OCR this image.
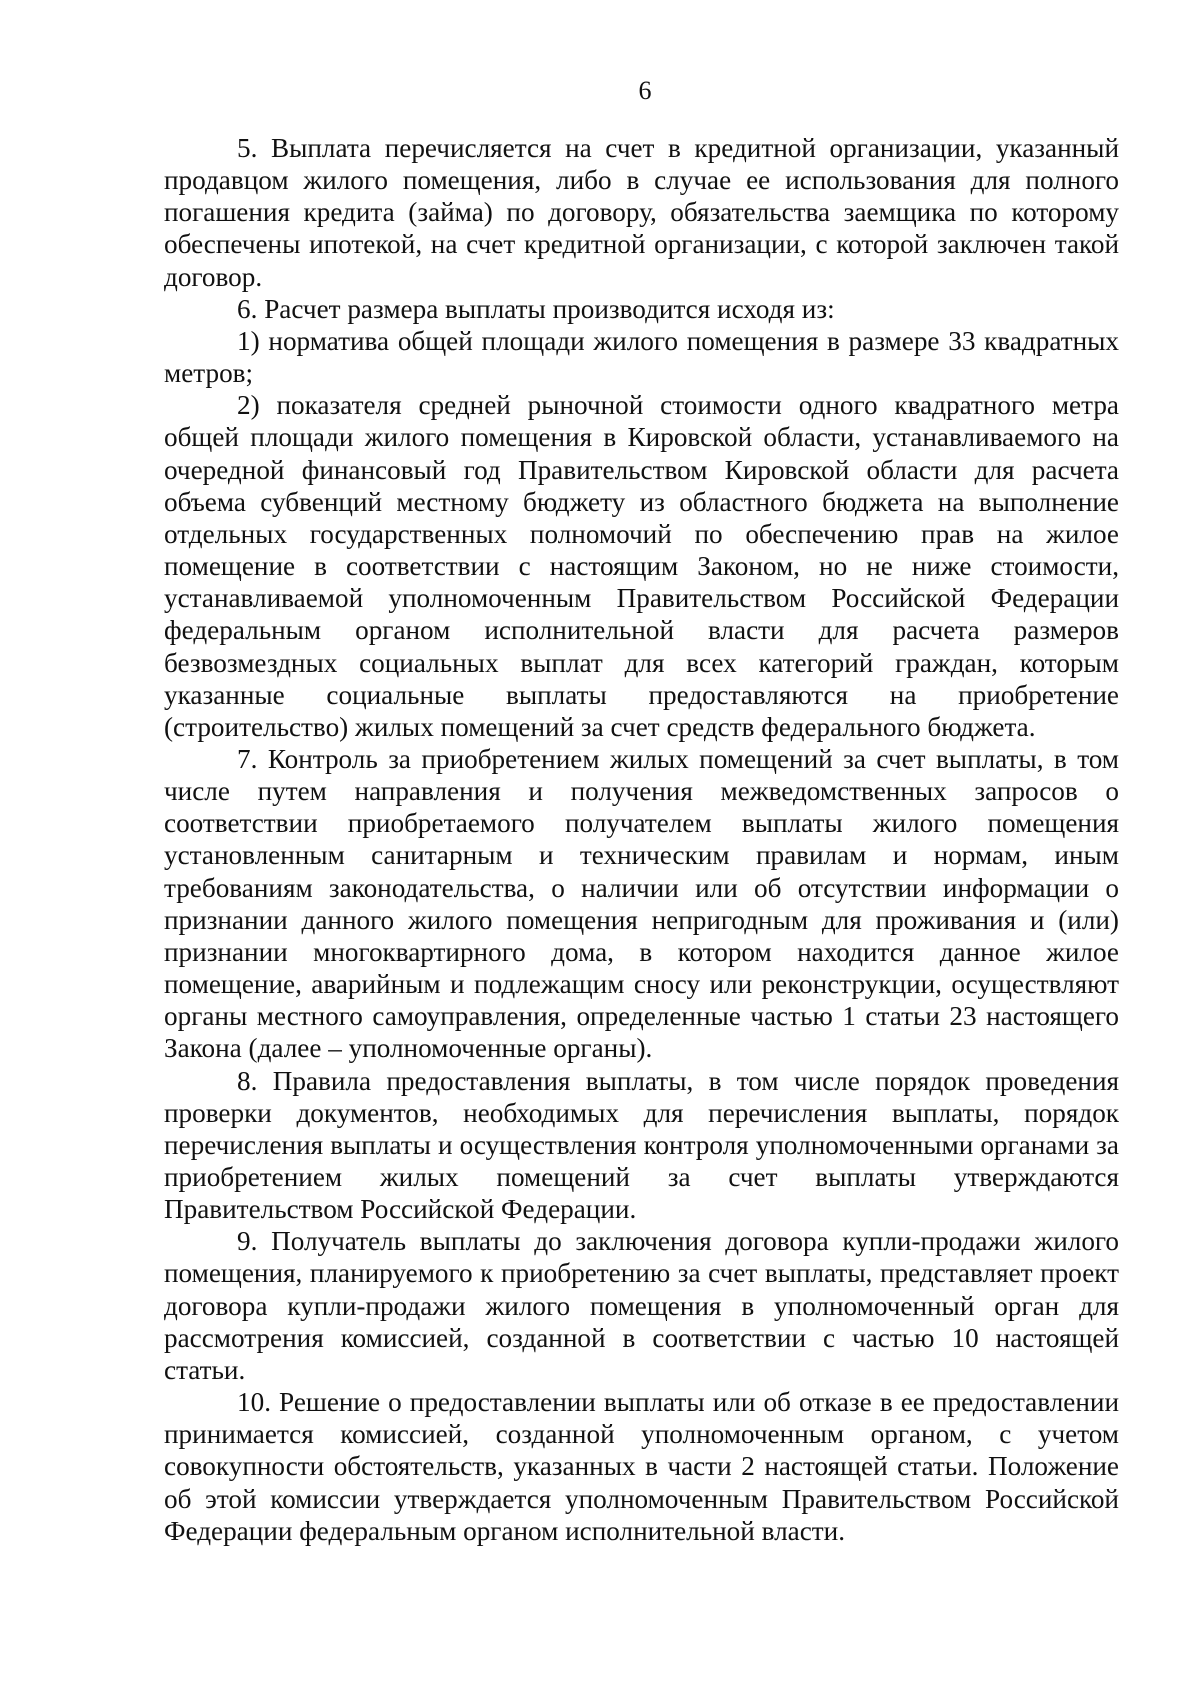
6

5. Выплата перечисляется на счет в кредитной организации, указанный продавцом жилого помещения, либо в случае ее использования для полного погашения кредита (займа) по договору, обязательства заемщика по которому обеспечены ипотекой, на счет кредитной организации, с которой заключен такой договор.

6. Расчет размера выплаты производится исходя из:

1) норматива общей площади жилого помещения в размере 33 квадратных метров;

2) показателя средней рыночной стоимости одного квадратного метра общей площади жилого помещения в Кировской области, устанавливаемого на очередной финансовый год Правительством Кировской области для расчета объема субвенций местному бюджету из областного бюджета на выполнение отдельных государственных полномочий по обеспечению прав на жилое помещение в соответствии с настоящим Законом, но не ниже стоимости, устанавливаемой уполномоченным Правительством Российской Федерации федеральным органом исполнительной власти для расчета размеров безвозмездных социальных выплат для всех категорий граждан, которым указанные социальные выплаты предоставляются на приобретение (строительство) жилых помещений за счет средств федерального бюджета.

7. Контроль за приобретением жилых помещений за счет выплаты, в том числе путем направления и получения межведомственных запросов о соответствии приобретаемого получателем выплаты жилого помещения установленным санитарным и техническим правилам и нормам, иным требованиям законодательства, о наличии или об отсутствии информации о признании данного жилого помещения непригодным для проживания и (или) признании многоквартирного дома, в котором находится данное жилое помещение, аварийным и подлежащим сносу или реконструкции, осуществляют органы местного самоуправления, определенные частью 1 статьи 23 настоящего Закона (далее – уполномоченные органы).

8. Правила предоставления выплаты, в том числе порядок проведения проверки документов, необходимых для перечисления выплаты, порядок перечисления выплаты и осуществления контроля уполномоченными органами за приобретением жилых помещений за счет выплаты утверждаются Правительством Российской Федерации.

9. Получатель выплаты до заключения договора купли-продажи жилого помещения, планируемого к приобретению за счет выплаты, представляет проект договора купли-продажи жилого помещения в уполномоченный орган для рассмотрения комиссией, созданной в соответствии с частью 10 настоящей статьи.

10. Решение о предоставлении выплаты или об отказе в ее предоставлении принимается комиссией, созданной уполномоченным органом, с учетом совокупности обстоятельств, указанных в части 2 настоящей статьи. Положение об этой комиссии утверждается уполномоченным Правительством Российской Федерации федеральным органом исполнительной власти.
